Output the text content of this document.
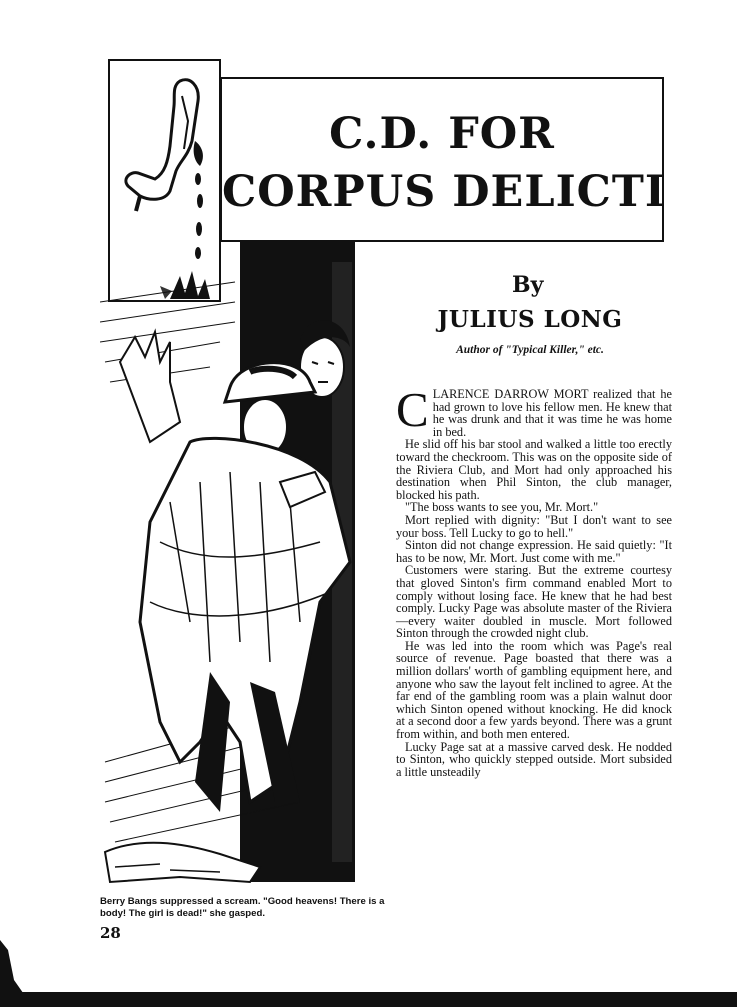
C.D. FOR
CORPUS DELICTI
By
JULIUS LONG
Author of "Typical Killer," etc.

CLARENCE DARROW MORT realized that he had grown to love his fellow men. He knew that he was drunk and that it was time he was home in bed.

He slid off his bar stool and walked a little too erectly toward the checkroom. This was on the opposite side of the Riviera Club, and Mort had only approached his destination when Phil Sinton, the club manager, blocked his path.

"The boss wants to see you, Mr. Mort."

Mort replied with dignity: "But I don't want to see your boss. Tell Lucky to go to hell."

Sinton did not change expression. He said quietly: "It has to be now, Mr. Mort. Just come with me."

Customers were staring. But the extreme courtesy that gloved Sinton's firm command enabled Mort to comply without losing face. He knew that he had best comply. Lucky Page was absolute master of the Riviera—every waiter doubled in muscle. Mort followed Sinton through the crowded night club.

He was led into the room which was Page's real source of revenue. Page boasted that there was a million dollars' worth of gambling equipment here, and anyone who saw the layout felt inclined to agree. At the far end of the gambling room was a plain walnut door which Sinton opened without knocking. He did knock at a second door a few yards beyond. There was a grunt from within, and both men entered.

Lucky Page sat at a massive carved desk. He nodded to Sinton, who quickly stepped outside. Mort subsided a little unsteadily

Berry Bangs suppressed a scream. "Good heavens! There is a body! The girl is dead!" she gasped.
28
